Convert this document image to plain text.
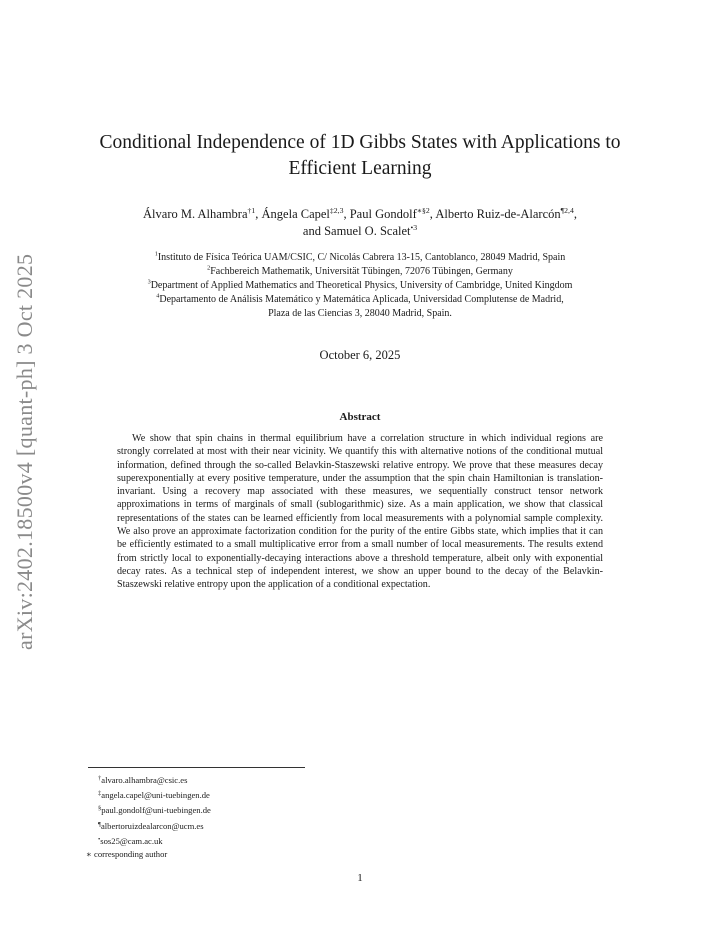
arXiv:2402.18500v4 [quant-ph] 3 Oct 2025
Conditional Independence of 1D Gibbs States with Applications to
Efficient Learning
Álvaro M. Alhambra$^{\dagger 1}$, Ángela Capel$^{\ddagger 2,3}$, Paul Gondolf$^{∗\S 2}$, Alberto Ruiz-de-Alarcón$^{\P 2,4}$,
and Samuel O. Scalet$^{•3}$
$^1$Instituto de Física Teórica UAM/CSIC, C/ Nicolás Cabrera 13-15, Cantoblanco, 28049 Madrid, Spain
$^2$Fachbereich Mathematik, Universität Tübingen, 72076 Tübingen, Germany
$^3$Department of Applied Mathematics and Theoretical Physics, University of Cambridge, United Kingdom
$^4$Departamento de Análisis Matemático y Matemática Aplicada, Universidad Complutense de Madrid,
Plaza de las Ciencias 3, 28040 Madrid, Spain.
October 6, 2025
Abstract

We show that spin chains in thermal equilibrium have a correlation structure in which individual regions are strongly correlated at most with their near vicinity. We quantify this with alternative notions of the conditional mutual information, defined through the so-called Belavkin-Staszewski relative entropy. We prove that these measures decay superexponentially at every positive temperature, under the assumption that the spin chain Hamiltonian is translation-invariant. Using a recovery map associated with these measures, we sequentially construct tensor network approximations in terms of marginals of small (sublogarithmic) size. As a main application, we show that classical representations of the states can be learned efficiently from local measurements with a polynomial sample complexity. We also prove an approximate factorization condition for the purity of the entire Gibbs state, which implies that it can be efficiently estimated to a small multiplicative error from a small number of local measurements. The results extend from strictly local to exponentially-decaying interactions above a threshold temperature, albeit only with exponential decay rates. As a technical step of independent interest, we show an upper bound to the decay of the Belavkin-Staszewski relative entropy upon the application of a conditional expectation.

†alvaro.alhambra@csic.es
‡angela.capel@uni-tuebingen.de
§paul.gondolf@uni-tuebingen.de
¶albertoruizdealarcon@ucm.es
•sos25@cam.ac.uk
∗ corresponding author
1
